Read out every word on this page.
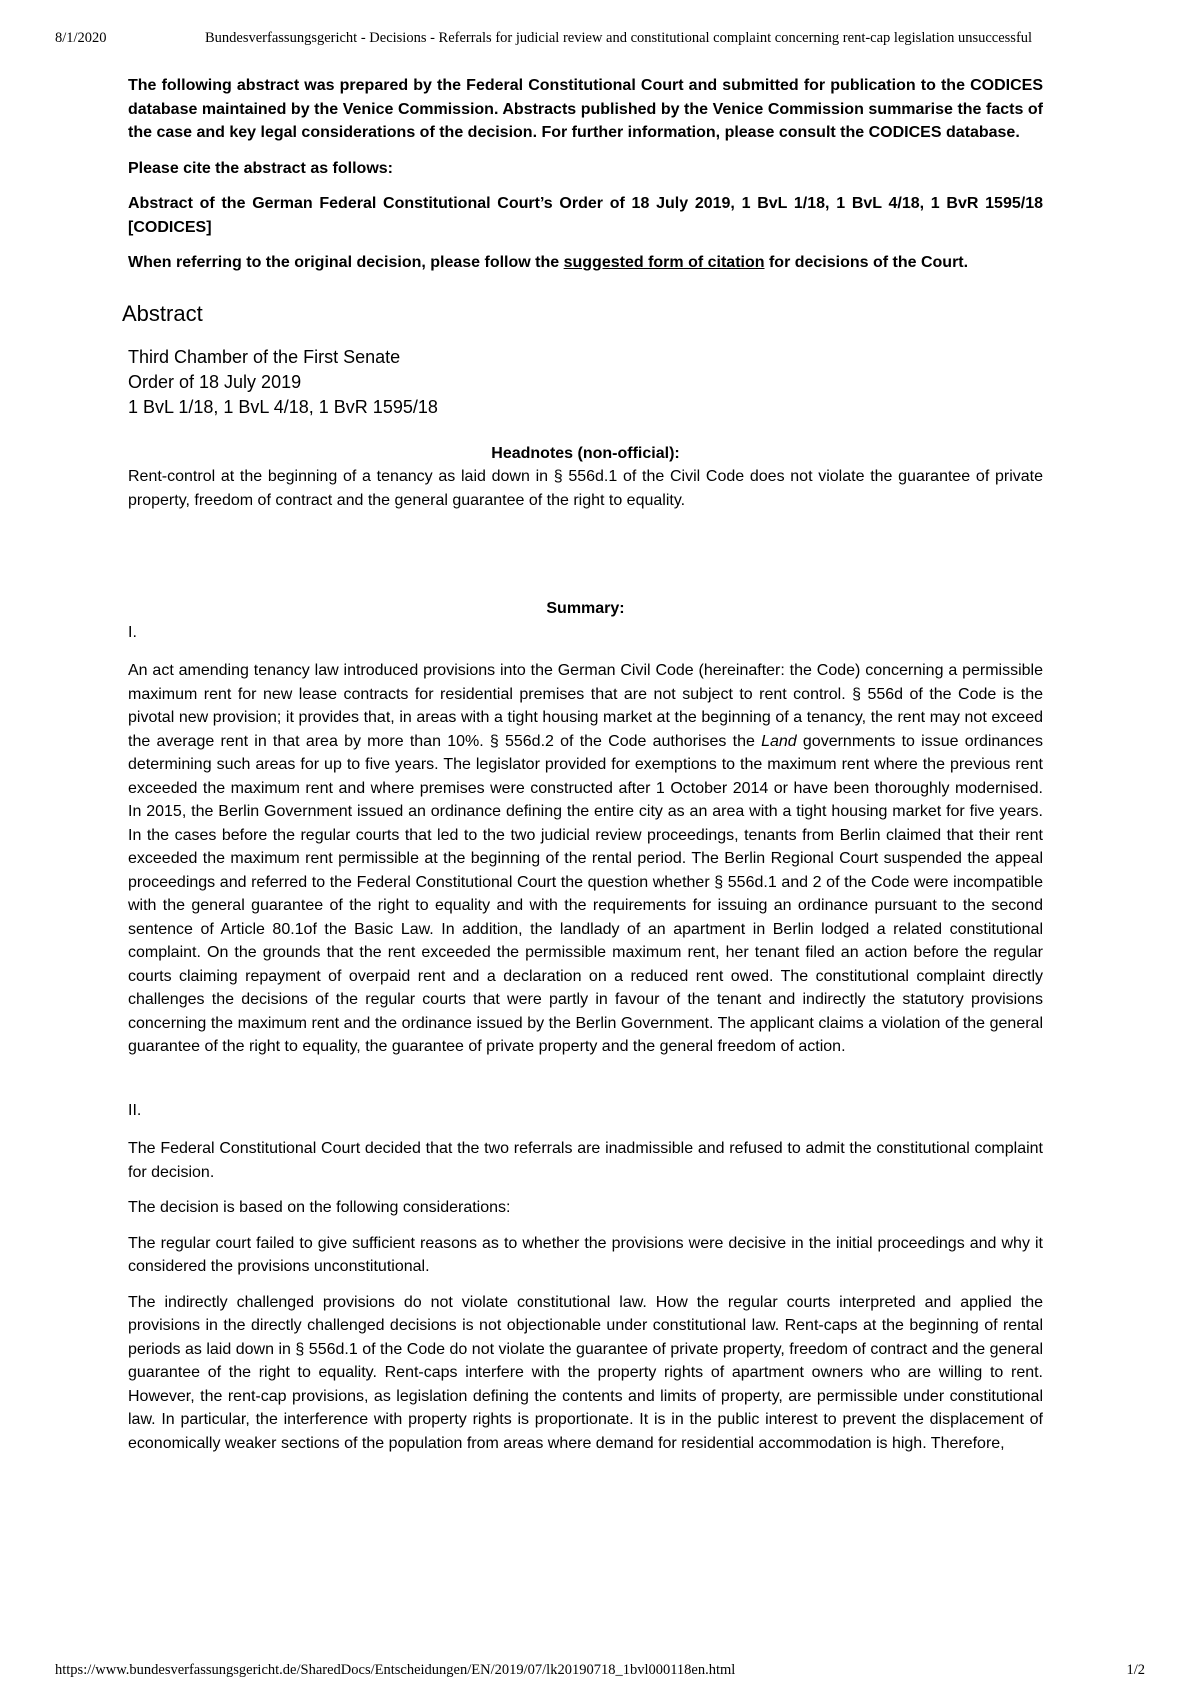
8/1/2020	Bundesverfassungsgericht - Decisions - Referrals for judicial review and constitutional complaint concerning rent-cap legislation unsuccessful

The following abstract was prepared by the Federal Constitutional Court and submitted for publication to the CODICES database maintained by the Venice Commission. Abstracts published by the Venice Commission summarise the facts of the case and key legal considerations of the decision. For further information, please consult the CODICES database.

Please cite the abstract as follows:

Abstract of the German Federal Constitutional Court’s Order of 18 July 2019, 1 BvL 1/18, 1 BvL 4/18, 1 BvR 1595/18 [CODICES]

When referring to the original decision, please follow the suggested form of citation for decisions of the Court.

Abstract
Third Chamber of the First Senate
Order of 18 July 2019
1 BvL 1/18, 1 BvL 4/18, 1 BvR 1595/18

Headnotes (non-official):

Rent-control at the beginning of a tenancy as laid down in § 556d.1 of the Civil Code does not violate the guarantee of private property, freedom of contract and the general guarantee of the right to equality.

Summary:

I.

An act amending tenancy law introduced provisions into the German Civil Code (hereinafter: the Code) concerning a permissible maximum rent for new lease contracts for residential premises that are not subject to rent control. § 556d of the Code is the pivotal new provision; it provides that, in areas with a tight housing market at the beginning of a tenancy, the rent may not exceed the average rent in that area by more than 10%. § 556d.2 of the Code authorises the Land governments to issue ordinances determining such areas for up to five years. The legislator provided for exemptions to the maximum rent where the previous rent exceeded the maximum rent and where premises were constructed after 1 October 2014 or have been thoroughly modernised. In 2015, the Berlin Government issued an ordinance defining the entire city as an area with a tight housing market for five years. In the cases before the regular courts that led to the two judicial review proceedings, tenants from Berlin claimed that their rent exceeded the maximum rent permissible at the beginning of the rental period. The Berlin Regional Court suspended the appeal proceedings and referred to the Federal Constitutional Court the question whether § 556d.1 and 2 of the Code were incompatible with the general guarantee of the right to equality and with the requirements for issuing an ordinance pursuant to the second sentence of Article 80.1of the Basic Law. In addition, the landlady of an apartment in Berlin lodged a related constitutional complaint. On the grounds that the rent exceeded the permissible maximum rent, her tenant filed an action before the regular courts claiming repayment of overpaid rent and a declaration on a reduced rent owed. The constitutional complaint directly challenges the decisions of the regular courts that were partly in favour of the tenant and indirectly the statutory provisions concerning the maximum rent and the ordinance issued by the Berlin Government. The applicant claims a violation of the general guarantee of the right to equality, the guarantee of private property and the general freedom of action.

II.

The Federal Constitutional Court decided that the two referrals are inadmissible and refused to admit the constitutional complaint for decision.

The decision is based on the following considerations:

The regular court failed to give sufficient reasons as to whether the provisions were decisive in the initial proceedings and why it considered the provisions unconstitutional.

The indirectly challenged provisions do not violate constitutional law. How the regular courts interpreted and applied the provisions in the directly challenged decisions is not objectionable under constitutional law. Rent-caps at the beginning of rental periods as laid down in § 556d.1 of the Code do not violate the guarantee of private property, freedom of contract and the general guarantee of the right to equality. Rent-caps interfere with the property rights of apartment owners who are willing to rent. However, the rent-cap provisions, as legislation defining the contents and limits of property, are permissible under constitutional law. In particular, the interference with property rights is proportionate. It is in the public interest to prevent the displacement of economically weaker sections of the population from areas where demand for residential accommodation is high. Therefore,

https://www.bundesverfassungsgericht.de/SharedDocs/Entscheidungen/EN/2019/07/lk20190718_1bvl000118en.html	1/2
